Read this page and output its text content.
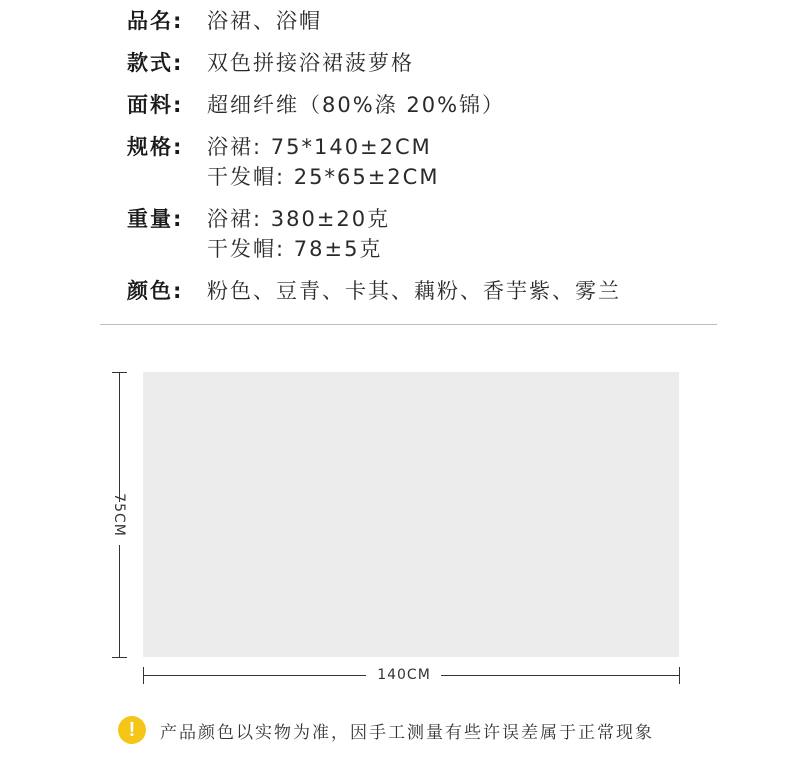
品名:	浴裙、浴帽
款式:	双色拼接浴裙菠萝格
面料:	超细纤维（80%涤 20%锦）
规格:	浴裙: 75*140±2CM
干发帽: 25*65±2CM
重量:	浴裙: 380±20克
干发帽: 78±5克
颜色:	粉色、豆青、卡其、藕粉、香芋紫、雾兰
75CM
140CM
!	产品颜色以实物为准，因手工测量有些许误差属于正常现象
